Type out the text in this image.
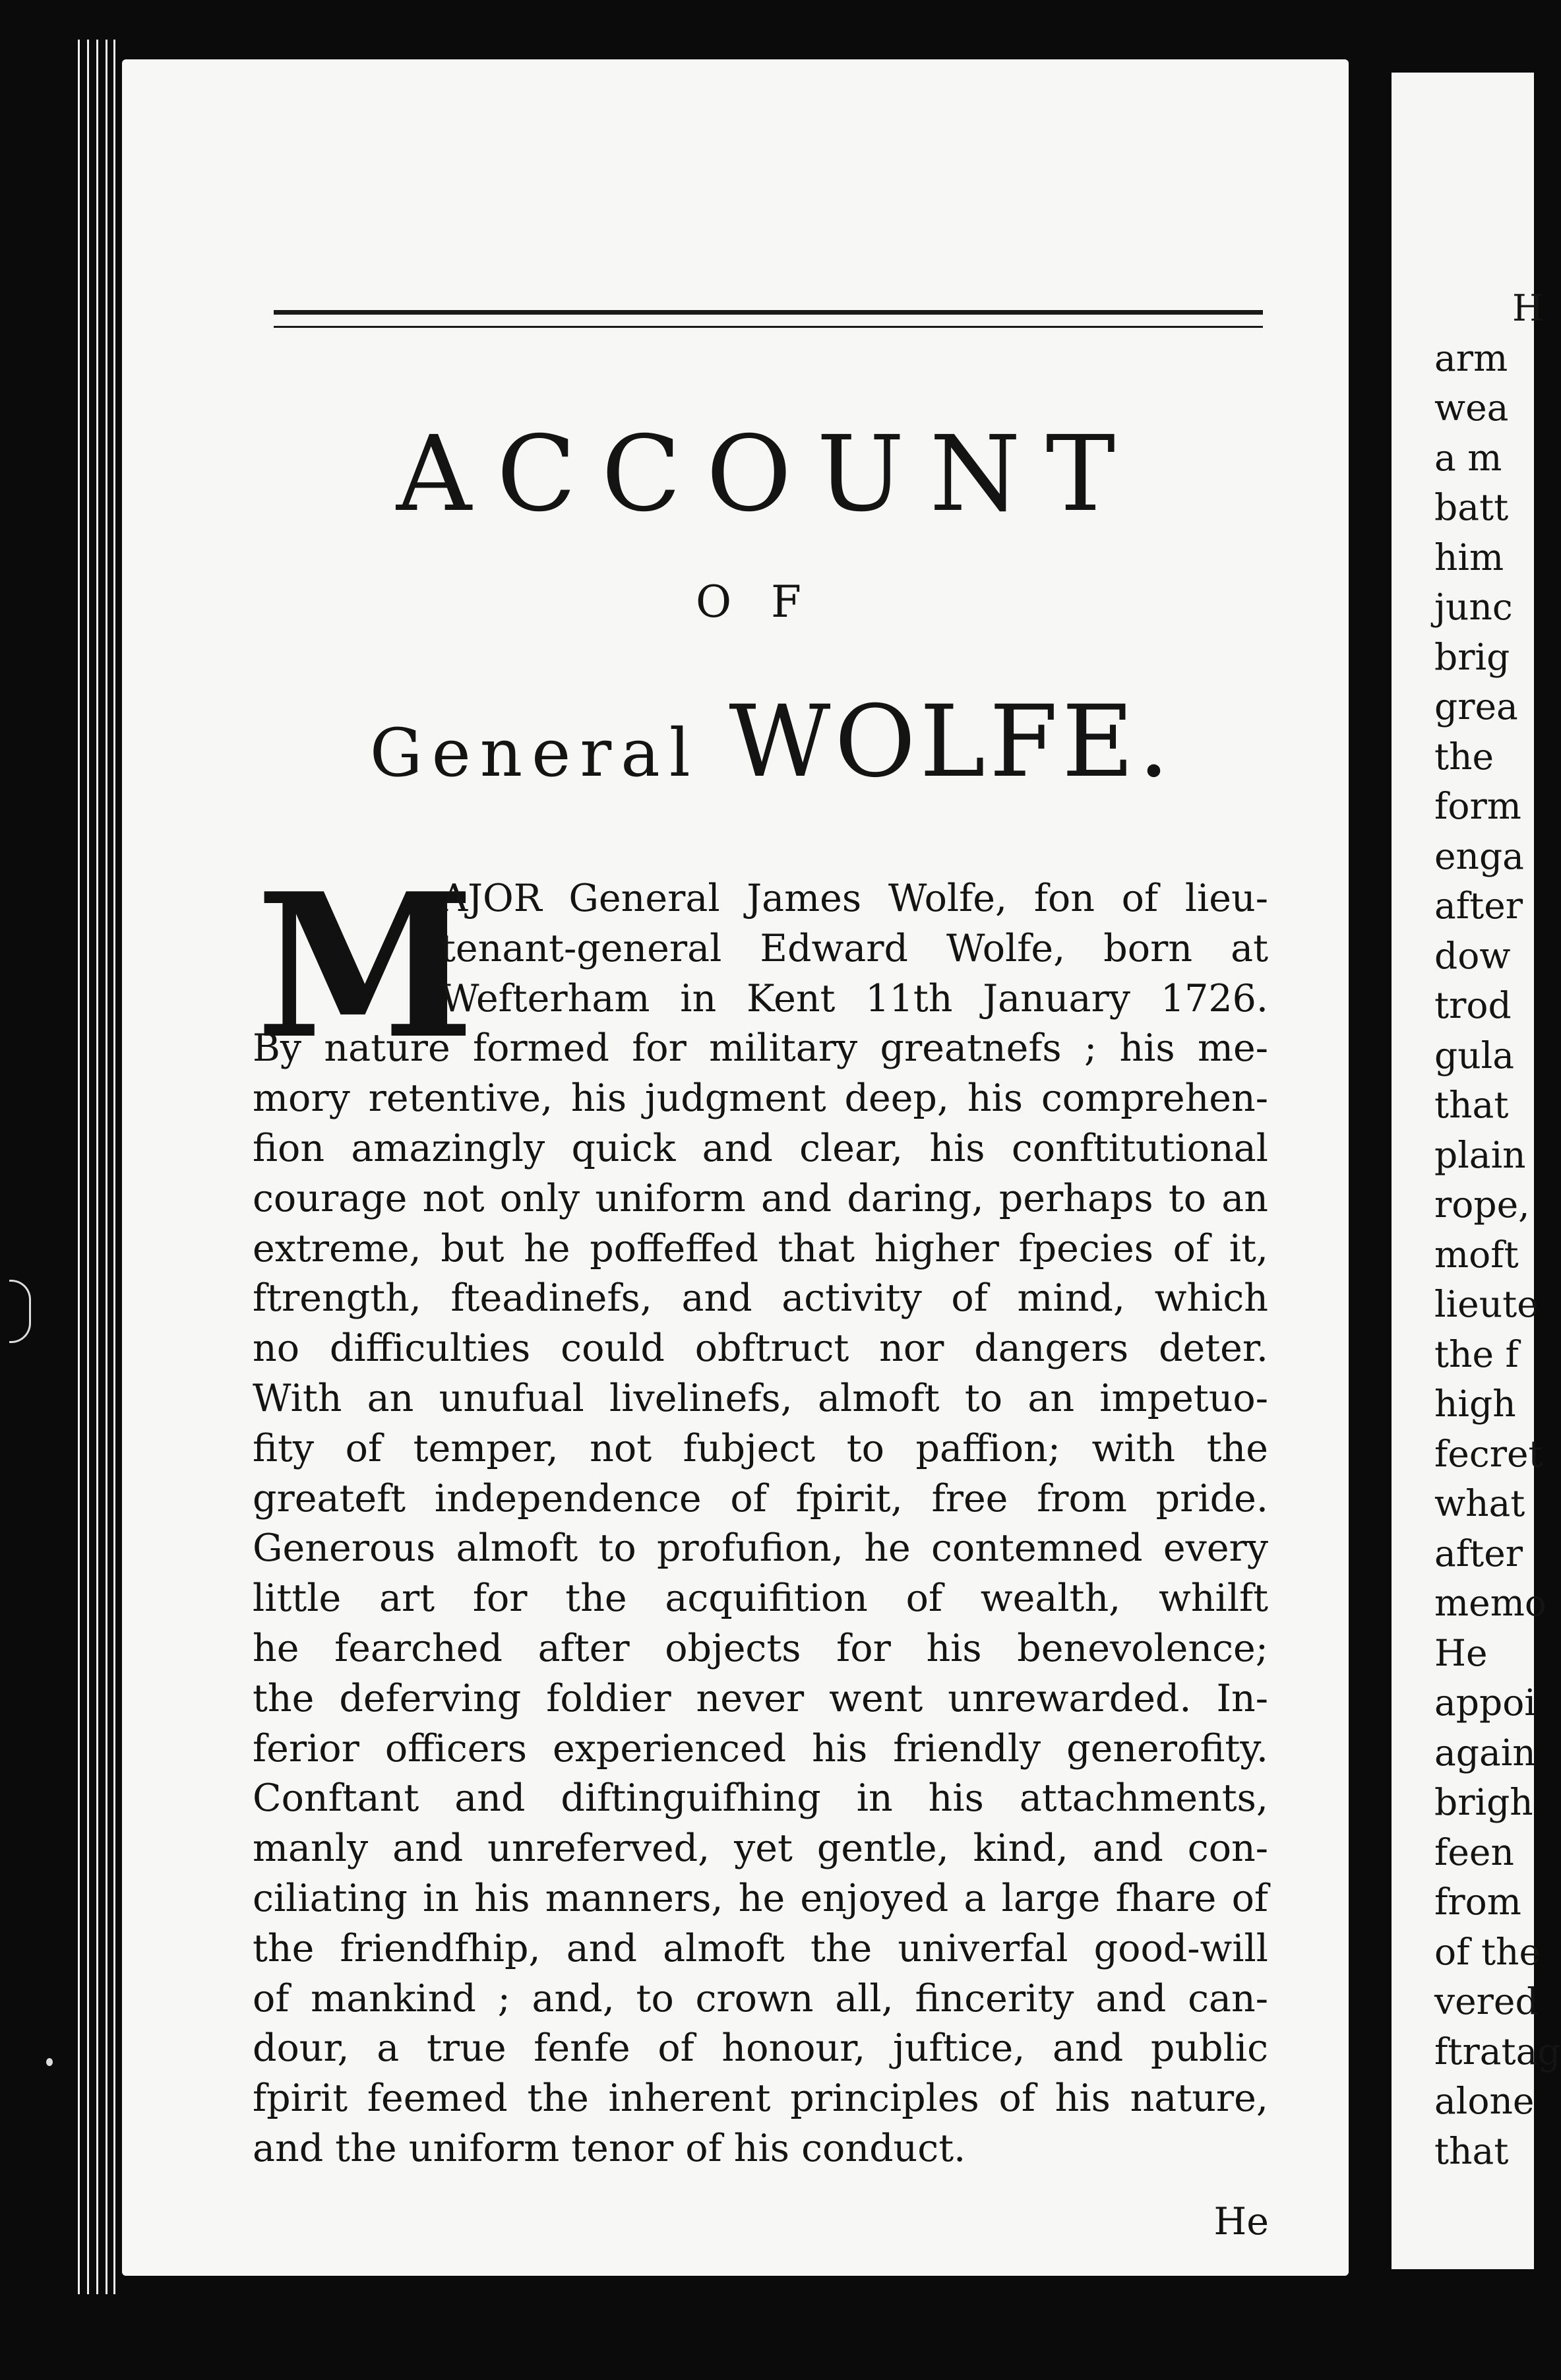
ACCOUNT
OF
General WOLFE.
M
AJOR General James Wolfe, fon of lieu-
tenant-general Edward Wolfe, born at
Wefterham in Kent 11th January 1726.
By nature formed for military greatnefs ; his me-
mory retentive, his judgment deep, his comprehen-
fion amazingly quick and clear, his conftitutional
courage not only uniform and daring, perhaps to an
extreme, but he poffeffed that higher fpecies of it,
ftrength, fteadinefs, and activity of mind, which
no difficulties could obftruct nor dangers deter.
With an unufual livelinefs, almoft to an impetuo-
fity of temper, not fubject to paffion; with the
greateft independence of fpirit, free from pride.
Generous almoft to profufion, he contemned every
little art for the acquifition of wealth, whilft
he fearched after objects for his benevolence;
the deferving foldier never went unrewarded. In-
ferior officers experienced his friendly generofity.
Conftant and diftinguifhing in his attachments,
manly and unreferved, yet gentle, kind, and con-
ciliating in his manners, he enjoyed a large fhare of
the friendfhip, and almoft the univerfal good-will
of mankind ; and, to crown all, fincerity and can-
dour, a true fenfe of honour, juftice, and public
fpirit feemed the inherent principles of his nature,
and the uniform tenor of his conduct.
He
H
arm
wea
a m
batt
him
junc
brig
grea
the
form
enga
after
dow
trod
gula
that
plain
rope,
moft
lieute
the f
high
fecret
what
after
memo
He
appoi
again
brigh
feen
from
of the
vered
ftratag
alone
that
